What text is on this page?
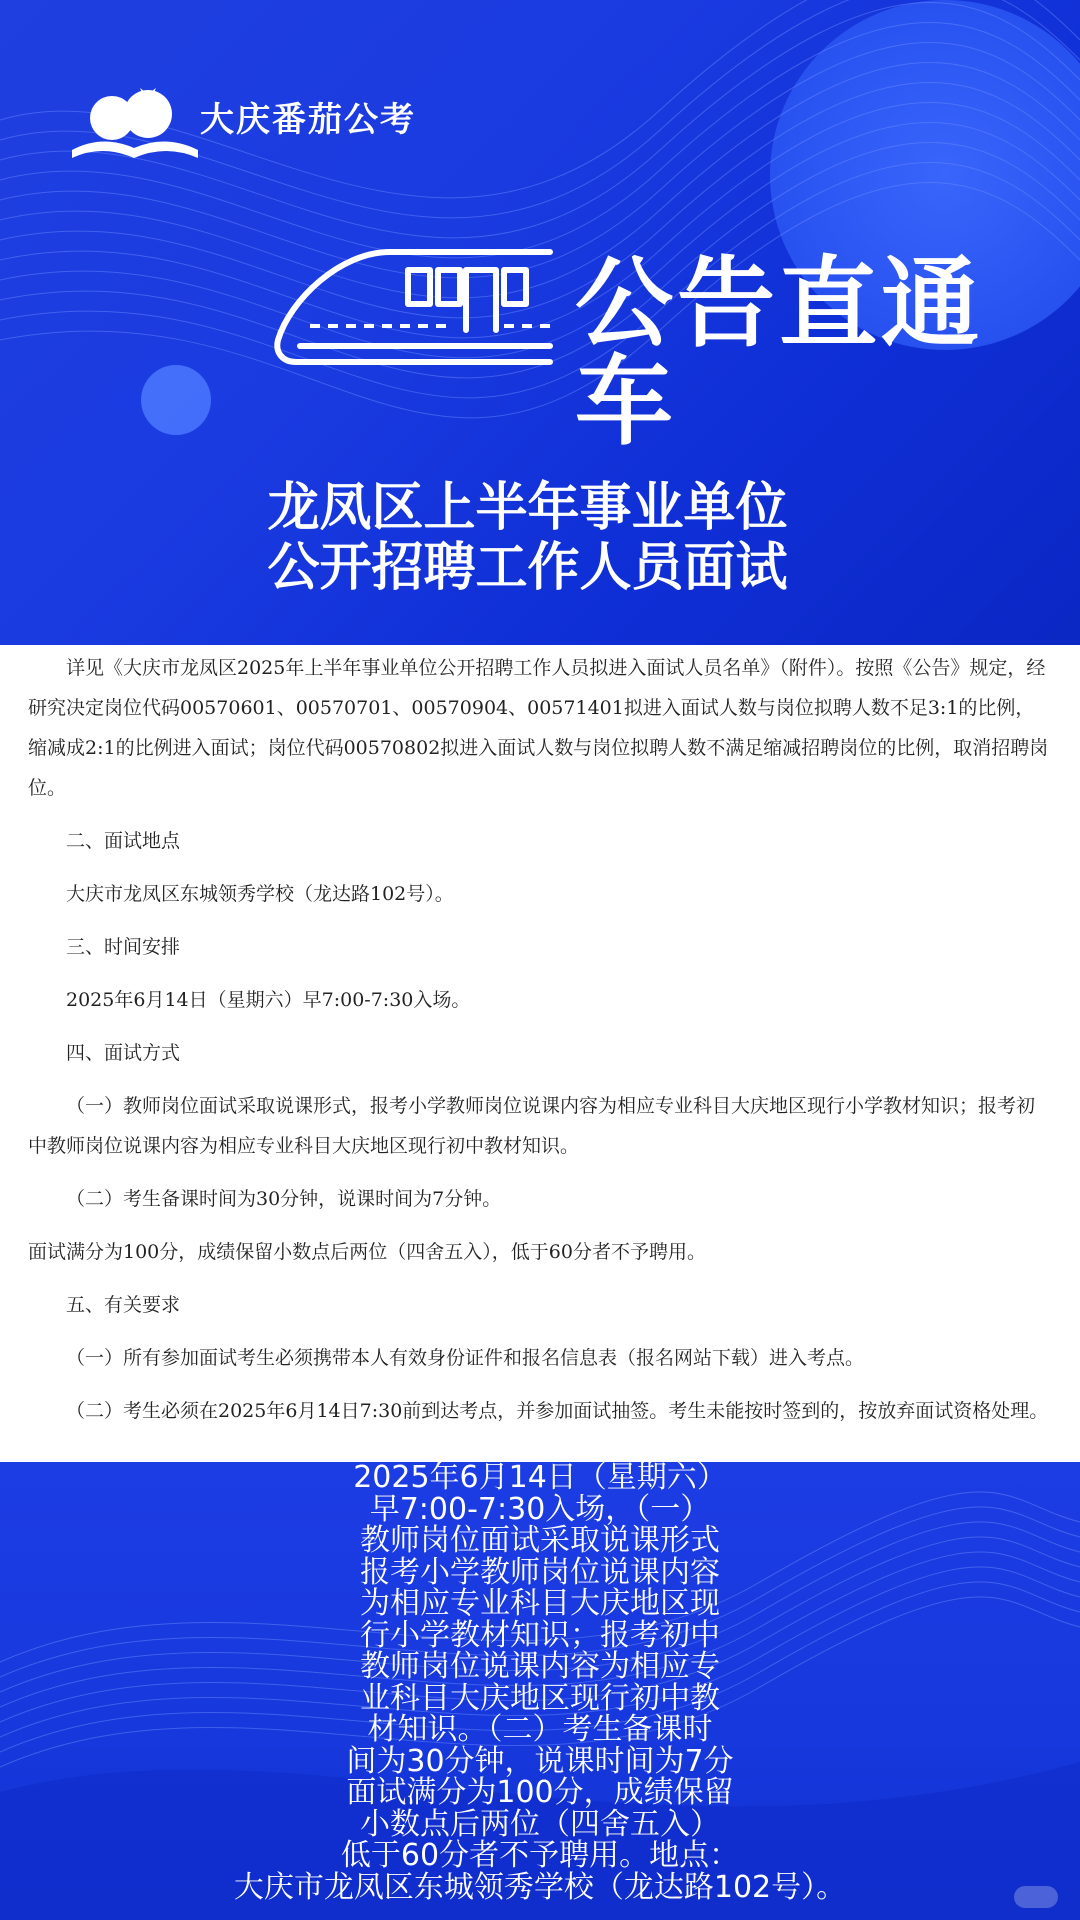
大庆番茄公考
公告直通车
龙凤区上半年事业单位
公开招聘工作人员面试

详见《大庆市龙凤区2025年上半年事业单位公开招聘工作人员拟进入面试人员名单》（附件）。按照《公告》规定，经研究决定岗位代码00570601、00570701、00570904、00571401拟进入面试人数与岗位拟聘人数不足3:1的比例，缩减成2:1的比例进入面试；岗位代码00570802拟进入面试人数与岗位拟聘人数不满足缩减招聘岗位的比例，取消招聘岗位。

二、面试地点

大庆市龙凤区东城领秀学校（龙达路102号）。

三、时间安排

2025年6月14日（星期六）早7:00-7:30入场。

四、面试方式

（一）教师岗位面试采取说课形式，报考小学教师岗位说课内容为相应专业科目大庆地区现行小学教材知识；报考初中教师岗位说课内容为相应专业科目大庆地区现行初中教材知识。

（二）考生备课时间为30分钟，说课时间为7分钟。

面试满分为100分，成绩保留小数点后两位（四舍五入），低于60分者不予聘用。

五、有关要求

（一）所有参加面试考生必须携带本人有效身份证件和报名信息表（报名网站下载）进入考点。

（二）考生必须在2025年6月14日7:30前到达考点，并参加面试抽签。考生未能按时签到的，按放弃面试资格处理。

2025年6月14日（星期六）
早7:00-7:30入场，（一）
教师岗位面试采取说课形式
报考小学教师岗位说课内容
为相应专业科目大庆地区现
行小学教材知识；报考初中
教师岗位说课内容为相应专
业科目大庆地区现行初中教
材知识。（二）考生备课时
间为30分钟，说课时间为7分
面试满分为100分，成绩保留
小数点后两位（四舍五入）
低于60分者不予聘用。地点：
大庆市龙凤区东城领秀学校（龙达路102号）。
